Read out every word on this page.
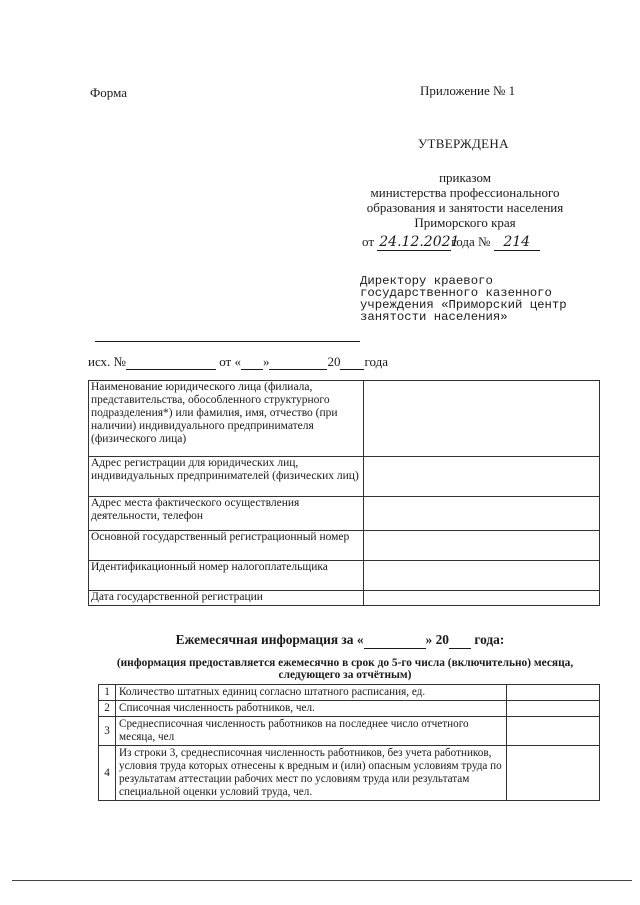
Форма	Приложение № 1
УТВЕРЖДЕНА
приказом
министерства профессионального
образования и занятости населения
Приморского края
от 24.12.2021года № 214
Директору краевого
государственного казенного
учреждения «Приморский центр
занятости населения»
исх. №	от « »	20 года
Наименование юридического лица (филиала, представительства, обособленного структурного подразделения*) или фамилия, имя, отчество (при наличии) индивидуального предпринимателя (физического лица)	
Адрес регистрации для юридических лиц, индивидуальных предпринимателей (физических лиц)	
Адрес места фактического осуществления деятельности, телефон	
Основной государственный регистрационный номер	
Идентификационный номер налогоплательщика	
Дата государственной регистрации	
Ежемесячная информация за «	» 20 года:
(информация предоставляется ежемесячно в срок до 5-го числа (включительно) месяца, следующего за отчётным)
1	Количество штатных единиц согласно штатного расписания, ед.	
2	Списочная численность работников, чел.	
3	Среднесписочная численность работников на последнее число отчетного месяца, чел	
4	Из строки 3, среднесписочная численность работников, без учета работников, условия труда которых отнесены к вредным и (или) опасным условиям труда по результатам аттестации рабочих мест по условиям труда или результатам специальной оценки условий труда, чел.	
